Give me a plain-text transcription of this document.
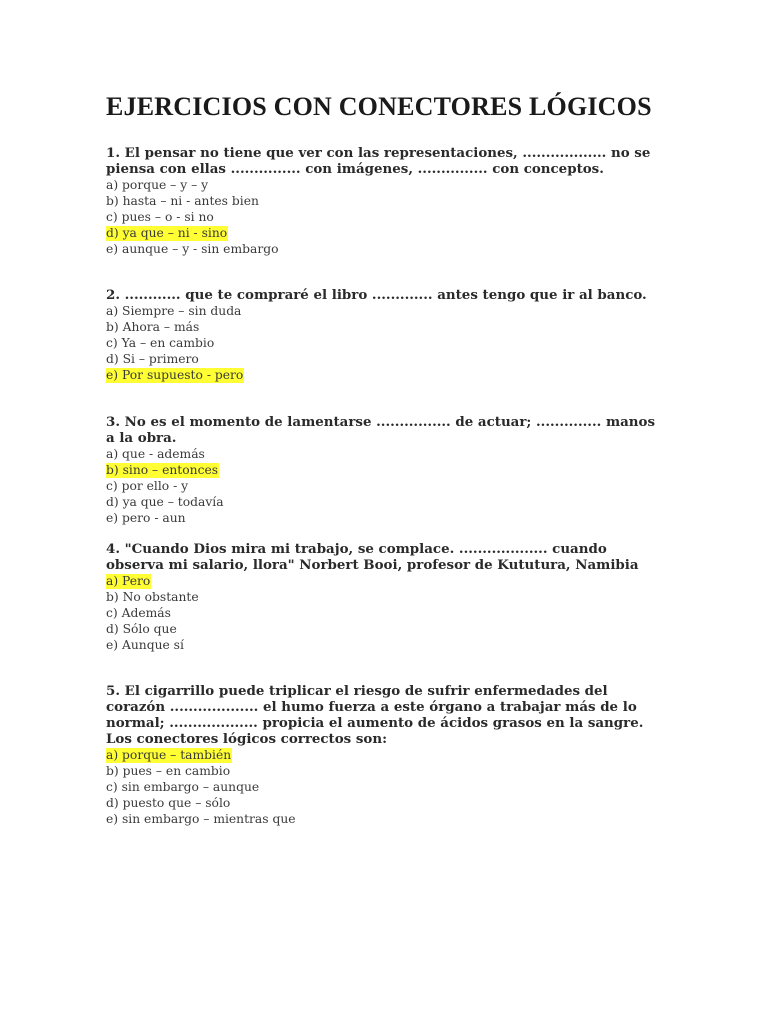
EJERCICIOS CON CONECTORES LÓGICOS
1. El pensar no tiene que ver con las representaciones, .................. no se piensa con ellas ............... con imágenes, ............... con conceptos.
a) porque – y – y
b) hasta – ni - antes bien
c) pues – o - si no
d) ya que – ni - sino
e) aunque – y - sin embargo
2. ............ que te compraré el libro ............. antes tengo que ir al banco.
a) Siempre – sin duda
b) Ahora – más
c) Ya – en cambio
d) Si – primero
e) Por supuesto - pero
3. No es el momento de lamentarse ................ de actuar; .............. manos a la obra.
a) que - además
b) sino – entonces
c) por ello - y
d) ya que – todavía
e) pero - aun
4. "Cuando Dios mira mi trabajo, se complace. ................... cuando observa mi salario, llora" Norbert Booi, profesor de Kututura, Namibia
a) Pero
b) No obstante
c) Además
d) Sólo que
e) Aunque sí
5. El cigarrillo puede triplicar el riesgo de sufrir enfermedades del corazón ................... el humo fuerza a este órgano a trabajar más de lo normal; ................... propicia el aumento de ácidos grasos en la sangre.
Los conectores lógicos correctos son:
a) porque – también
b) pues – en cambio
c) sin embargo – aunque
d) puesto que – sólo
e) sin embargo – mientras que
